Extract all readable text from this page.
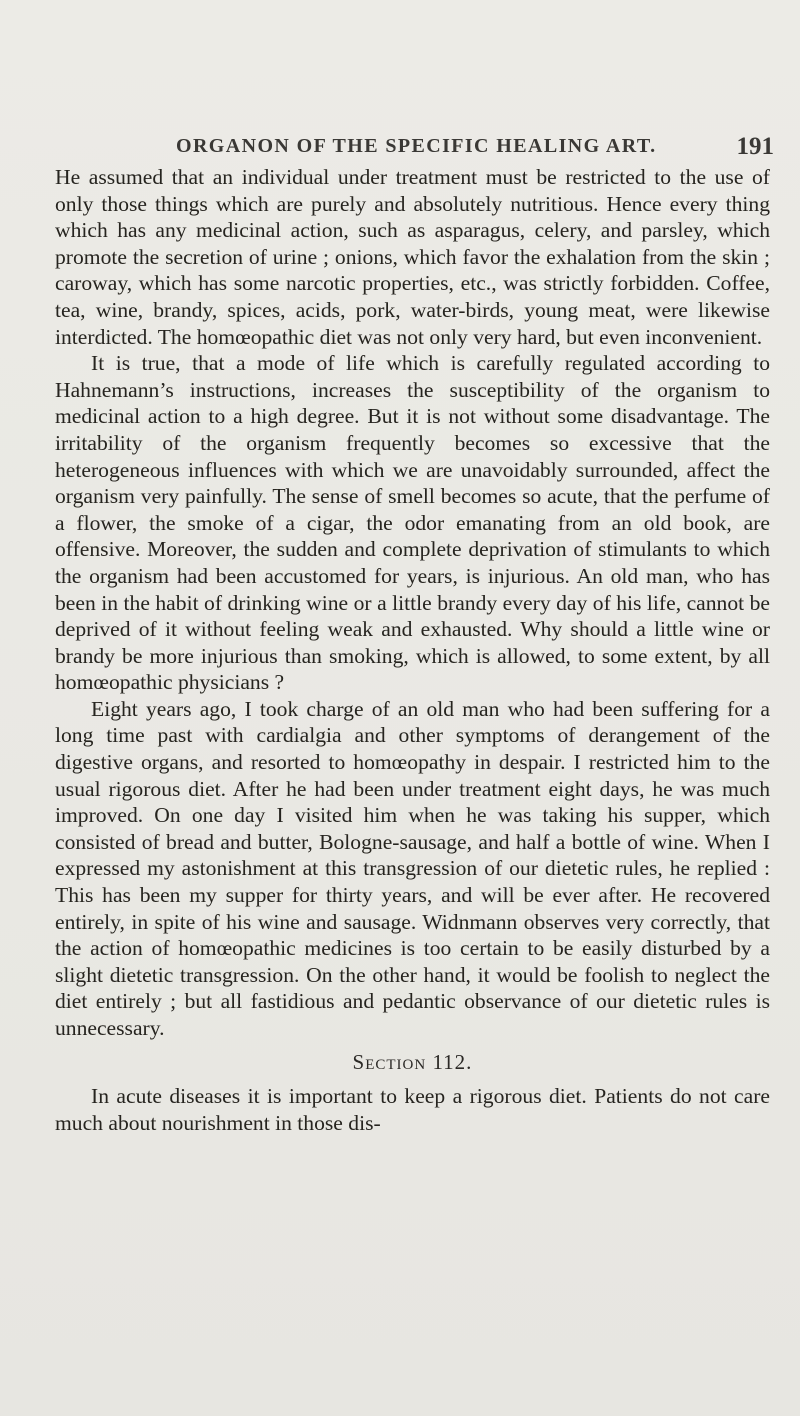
ORGANON OF THE SPECIFIC HEALING ART.	191

He assumed that an individual under treatment must be restricted to the use of only those things which are purely and absolutely nutritious. Hence every thing which has any medicinal action, such as asparagus, celery, and parsley, which promote the secretion of urine ; onions, which favor the exhalation from the skin ; caroway, which has some narcotic properties, etc., was strictly forbidden. Coffee, tea, wine, brandy, spices, acids, pork, water-birds, young meat, were likewise interdicted. The homœopathic diet was not only very hard, but even inconvenient.

It is true, that a mode of life which is carefully regulated according to Hahnemann’s instructions, increases the susceptibility of the organism to medicinal action to a high degree. But it is not without some disadvantage. The irritability of the organism frequently becomes so excessive that the heterogeneous influences with which we are unavoidably surrounded, affect the organism very painfully. The sense of smell becomes so acute, that the perfume of a flower, the smoke of a cigar, the odor emanating from an old book, are offensive. Moreover, the sudden and complete deprivation of stimulants to which the organism had been accustomed for years, is injurious. An old man, who has been in the habit of drinking wine or a little brandy every day of his life, cannot be deprived of it without feeling weak and exhausted. Why should a little wine or brandy be more injurious than smoking, which is allowed, to some extent, by all homœopathic physicians ?

Eight years ago, I took charge of an old man who had been suffering for a long time past with cardialgia and other symptoms of derangement of the digestive organs, and resorted to homœopathy in despair. I restricted him to the usual rigorous diet. After he had been under treatment eight days, he was much improved. On one day I visited him when he was taking his supper, which consisted of bread and butter, Bologne-sausage, and half a bottle of wine. When I expressed my astonishment at this transgression of our dietetic rules, he replied : This has been my supper for thirty years, and will be ever after. He recovered entirely, in spite of his wine and sausage. Widnmann observes very correctly, that the action of homœopathic medicines is too certain to be easily disturbed by a slight dietetic transgression. On the other hand, it would be foolish to neglect the diet entirely ; but all fastidious and pedantic observance of our dietetic rules is unnecessary.

Section 112.

In acute diseases it is important to keep a rigorous diet. Patients do not care much about nourishment in those dis-
